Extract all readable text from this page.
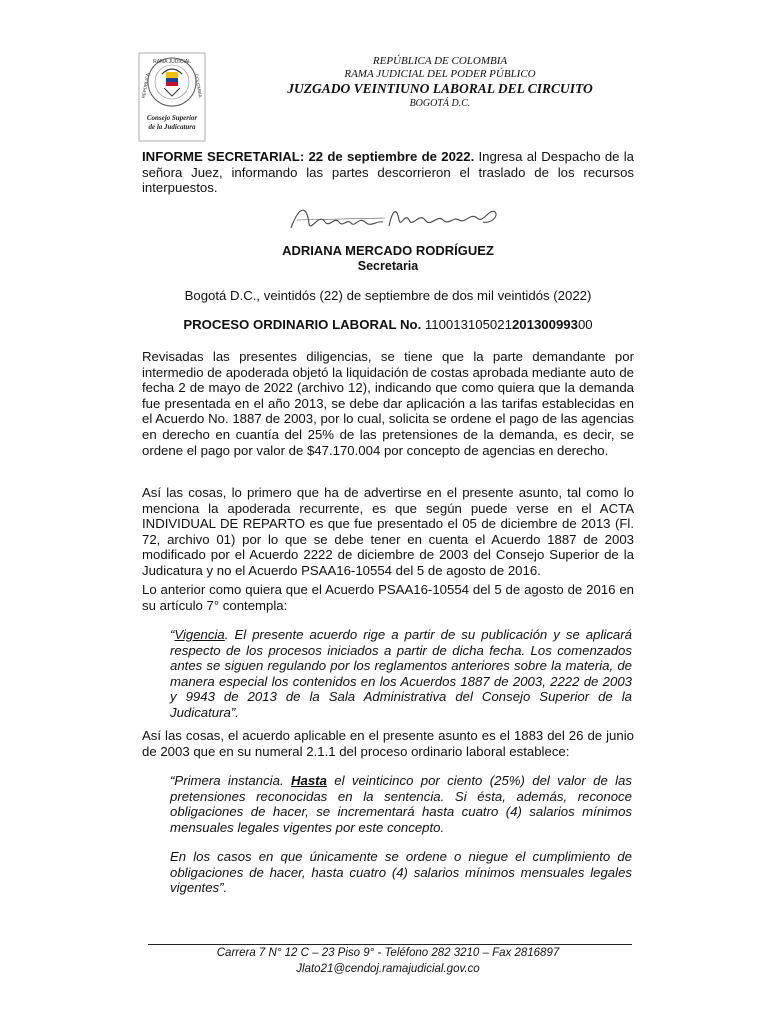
RAMA JUDICIAL
REPÚBLICA	COLOMBIA
Consejo Superior
de la Judicatura
REPÚBLICA DE COLOMBIA
RAMA JUDICIAL DEL PODER PÚBLICO
JUZGADO VEINTIUNO LABORAL DEL CIRCUITO
BOGOTÁ D.C.

INFORME SECRETARIAL: 22 de septiembre de 2022. Ingresa al Despacho de la señora Juez, informando las partes descorrieron el traslado de los recursos interpuestos.

ADRIANA MERCADO RODRÍGUEZ
Secretaria

Bogotá D.C., veintidós (22) de septiembre de dos mil veintidós (2022)

PROCESO ORDINARIO LABORAL No. 11001310502120130099300

Revisadas las presentes diligencias, se tiene que la parte demandante por intermedio de apoderada objetó la liquidación de costas aprobada mediante auto de fecha 2 de mayo de 2022 (archivo 12), indicando que como quiera que la demanda fue presentada en el año 2013, se debe dar aplicación a las tarifas establecidas en el Acuerdo No. 1887 de 2003, por lo cual, solicita se ordene el pago de las agencias en derecho en cuantía del 25% de las pretensiones de la demanda, es decir, se ordene el pago por valor de $47.170.004 por concepto de agencias en derecho.

Así las cosas, lo primero que ha de advertirse en el presente asunto, tal como lo menciona la apoderada recurrente, es que según puede verse en el ACTA INDIVIDUAL DE REPARTO es que fue presentado el 05 de diciembre de 2013 (Fl. 72, archivo 01) por lo que se debe tener en cuenta el Acuerdo 1887 de 2003 modificado por el Acuerdo 2222 de diciembre de 2003 del Consejo Superior de la Judicatura y no el Acuerdo PSAA16-10554 del 5 de agosto de 2016.

Lo anterior como quiera que el Acuerdo PSAA16-10554 del 5 de agosto de 2016 en su artículo 7° contempla:

“Vigencia. El presente acuerdo rige a partir de su publicación y se aplicará respecto de los procesos iniciados a partir de dicha fecha. Los comenzados antes se siguen regulando por los reglamentos anteriores sobre la materia, de manera especial los contenidos en los Acuerdos 1887 de 2003, 2222 de 2003 y 9943 de 2013 de la Sala Administrativa del Consejo Superior de la Judicatura”.

Así las cosas, el acuerdo aplicable en el presente asunto es el 1883 del 26 de junio de 2003 que en su numeral 2.1.1 del proceso ordinario laboral establece:

“Primera instancia. Hasta el veinticinco por ciento (25%) del valor de las pretensiones reconocidas en la sentencia. Si ésta, además, reconoce obligaciones de hacer, se incrementará hasta cuatro (4) salarios mínimos mensuales legales vigentes por este concepto.

En los casos en que únicamente se ordene o niegue el cumplimiento de obligaciones de hacer, hasta cuatro (4) salarios mínimos mensuales legales vigentes”.

Carrera 7 N° 12 C – 23 Piso 9° - Teléfono 282 3210 – Fax 2816897
Jlato21@cendoj.ramajudicial.gov.co
